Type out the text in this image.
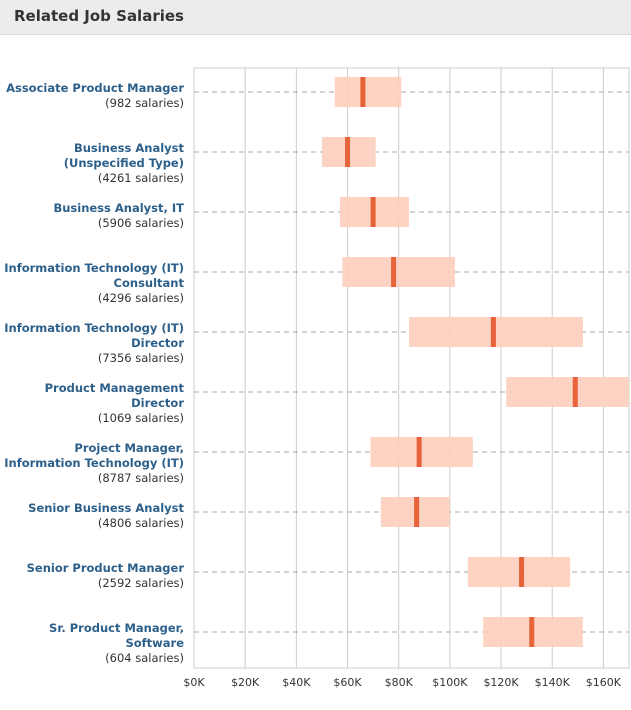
Related Job Salaries
Associate Product Manager
(982 salaries)
Business Analyst
(Unspecified Type)
(4261 salaries)
Business Analyst, IT
(5906 salaries)
Information Technology (IT)
Consultant
(4296 salaries)
Information Technology (IT)
Director
(7356 salaries)
Product Management
Director
(1069 salaries)
Project Manager,
Information Technology (IT)
(8787 salaries)
Senior Business Analyst
(4806 salaries)
Senior Product Manager
(2592 salaries)
Sr. Product Manager,
Software
(604 salaries)
$0K $20K $40K $60K $80K $100K $120K $140K $160K
